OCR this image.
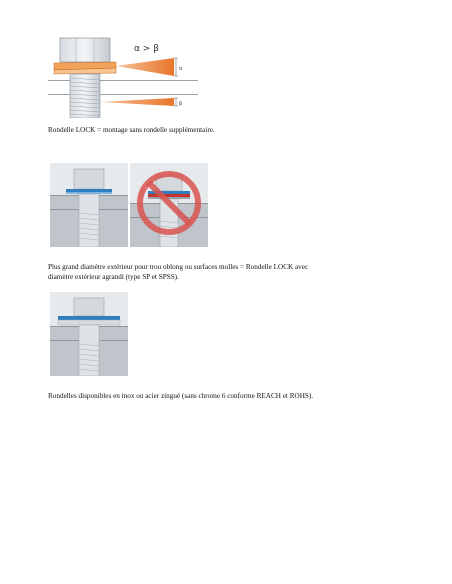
α > β
α
β
Rondelle LOCK = montage sans rondelle supplémentaire.
Plus grand diamètre extérieur pour trou oblong ou surfaces molles = Rondelle LOCK avec
diamètre extérieur agrandi (type SP et SPSS).
Rondelles disponibles en inox ou acier zingué (sans chrome 6 conforme REACH et ROHS).
